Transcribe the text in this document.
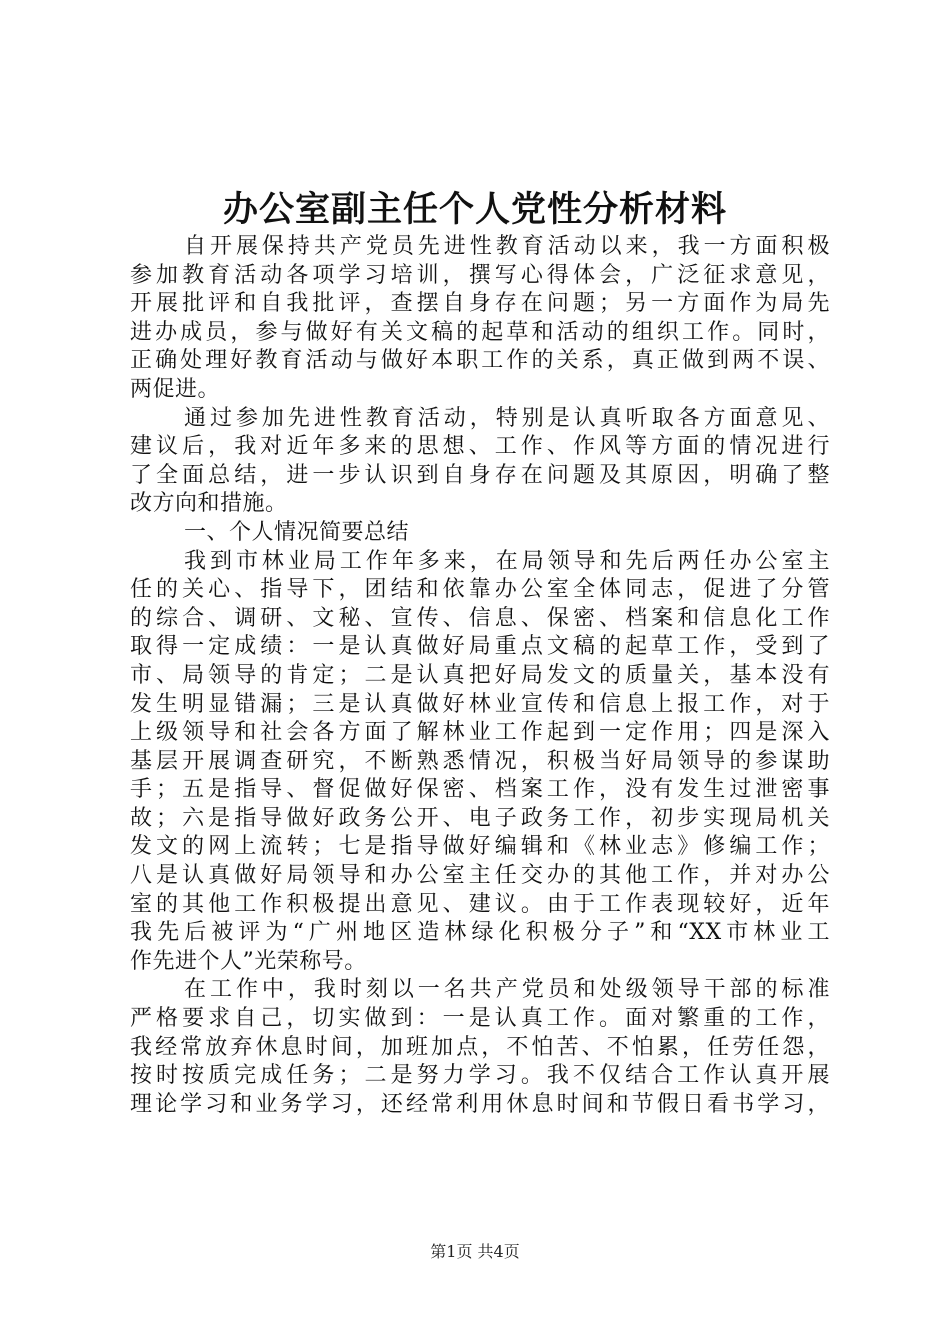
办公室副主任个人党性分析材料
自开展保持共产党员先进性教育活动以来，我一方面积极
参加教育活动各项学习培训，撰写心得体会，广泛征求意见，
开展批评和自我批评，查摆自身存在问题；另一方面作为局先
进办成员，参与做好有关文稿的起草和活动的组织工作。同时，
正确处理好教育活动与做好本职工作的关系，真正做到两不误、
两促进。
通过参加先进性教育活动，特别是认真听取各方面意见、
建议后，我对近年多来的思想、工作、作风等方面的情况进行
了全面总结，进一步认识到自身存在问题及其原因，明确了整
改方向和措施。
一、个人情况简要总结
我到市林业局工作年多来，在局领导和先后两任办公室主
任的关心、指导下，团结和依靠办公室全体同志，促进了分管
的综合、调研、文秘、宣传、信息、保密、档案和信息化工作
取得一定成绩：一是认真做好局重点文稿的起草工作，受到了
市、局领导的肯定；二是认真把好局发文的质量关，基本没有
发生明显错漏；三是认真做好林业宣传和信息上报工作，对于
上级领导和社会各方面了解林业工作起到一定作用；四是深入
基层开展调查研究，不断熟悉情况，积极当好局领导的参谋助
手；五是指导、督促做好保密、档案工作，没有发生过泄密事
故；六是指导做好政务公开、电子政务工作，初步实现局机关
发文的网上流转；七是指导做好编辑和《林业志》修编工作；
八是认真做好局领导和办公室主任交办的其他工作，并对办公
室的其他工作积极提出意见、建议。由于工作表现较好，近年
我先后被评为“广州地区造林绿化积极分子”和“XX市林业工
作先进个人”光荣称号。
在工作中，我时刻以一名共产党员和处级领导干部的标准
严格要求自己，切实做到：一是认真工作。面对繁重的工作，
我经常放弃休息时间，加班加点，不怕苦、不怕累，任劳任怨，
按时按质完成任务；二是努力学习。我不仅结合工作认真开展
理论学习和业务学习，还经常利用休息时间和节假日看书学习，
第1页 共4页
